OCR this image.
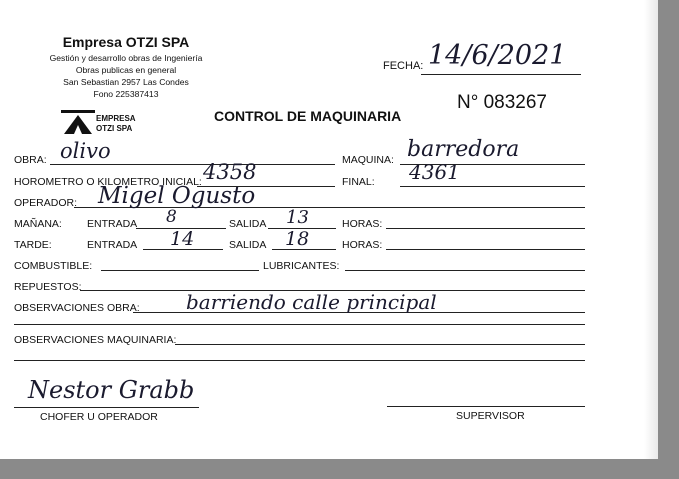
Empresa OTZI SPA
Gestión y desarrollo obras de Ingeniería
Obras publicas en general
San Sebastian 2957 Las Condes
Fono 225387413
EMPRESA
OTZI SPA
CONTROL DE MAQUINARIA
FECHA: 14/6/2021
N° 083267
OBRA: olivo	MAQUINA: barredora
HOROMETRO O KILOMETRO INICIAL: 4358	FINAL: 4361
OPERADOR: Migel Ogusto
MAÑANA: ENTRADA 8	SALIDA 13	HORAS:
TARDE:	ENTRADA 14	SALIDA 18	HORAS:
COMBUSTIBLE:	LUBRICANTES:
REPUESTOS:
OBSERVACIONES OBRA: barriendo calle principal
OBSERVACIONES MAQUINARIA:
Nestor Grabb
CHOFER U OPERADOR	SUPERVISOR
